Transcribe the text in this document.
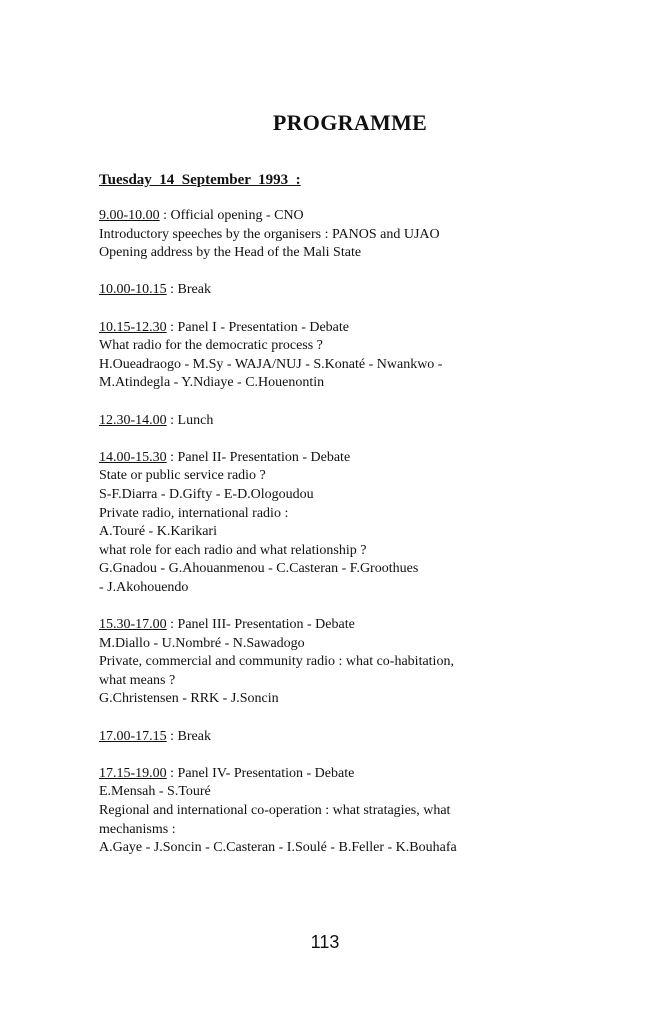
PROGRAMME
Tuesday  14  September  1993  :
9.00-10.00 : Official opening - CNO
Introductory speeches by the organisers : PANOS and UJAO
Opening address by the Head of the Mali State
10.00-10.15 : Break
10.15-12.30 : Panel I - Presentation - Debate
What radio for the democratic process ?
H.Oueadraogo - M.Sy - WAJA/NUJ - S.Konaté - Nwankwo -
M.Atindegla - Y.Ndiaye - C.Houenontin
12.30-14.00 : Lunch
14.00-15.30 : Panel II- Presentation - Debate
State or public service radio ?
S-F.Diarra - D.Gifty - E-D.Ologoudou
Private radio, international radio :
A.Touré - K.Karikari
what role for each radio and what relationship ?
G.Gnadou - G.Ahouanmenou - C.Casteran - F.Groothues
- J.Akohouendo
15.30-17.00 : Panel III- Presentation - Debate
M.Diallo - U.Nombré - N.Sawadogo
Private, commercial and community radio : what co-habitation,
what means ?
G.Christensen - RRK - J.Soncin
17.00-17.15 : Break
17.15-19.00 : Panel IV- Presentation - Debate
E.Mensah - S.Touré
Regional and international co-operation : what stratagies, what
mechanisms :
A.Gaye - J.Soncin - C.Casteran - I.Soulé - B.Feller - K.Bouhafa
113
